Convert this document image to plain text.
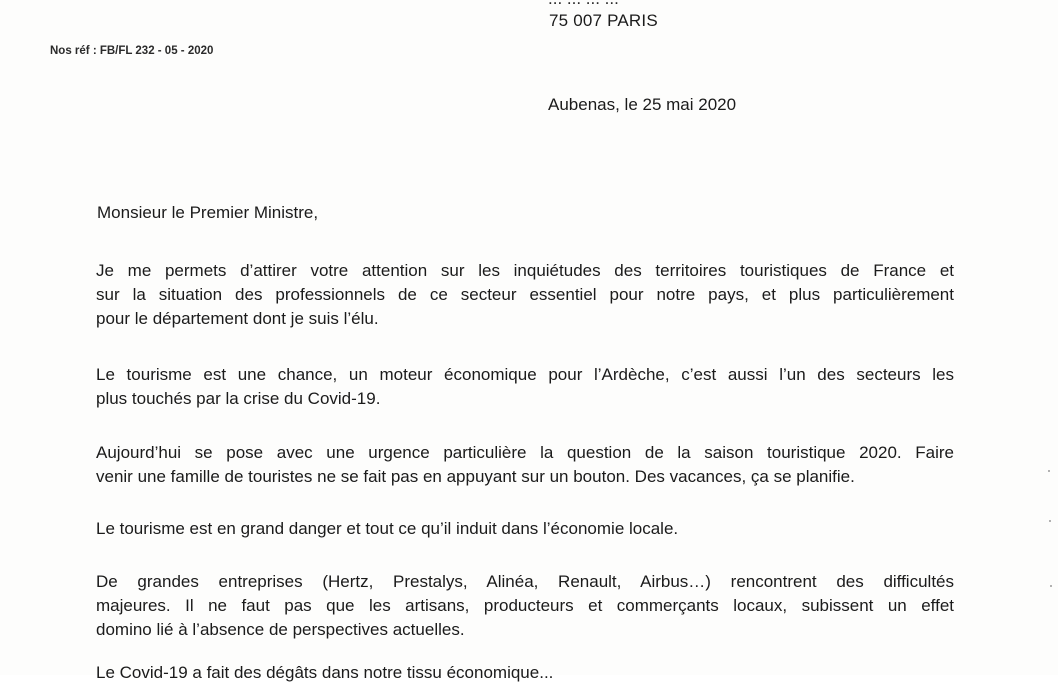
75 007 PARIS
Nos réf : FB/FL 232 - 05 - 2020
Aubenas, le 25 mai 2020
Monsieur le Premier Ministre,
Je me permets d’attirer votre attention sur les inquiétudes des territoires touristiques de France et
sur la situation des professionnels de ce secteur essentiel pour notre pays, et plus particulièrement
pour le département dont je suis l’élu.
Le tourisme est une chance, un moteur économique pour l’Ardèche, c’est aussi l’un des secteurs les
plus touchés par la crise du Covid-19.
Aujourd’hui se pose avec une urgence particulière la question de la saison touristique 2020. Faire
venir une famille de touristes ne se fait pas en appuyant sur un bouton. Des vacances, ça se planifie.
Le tourisme est en grand danger et tout ce qu’il induit dans l’économie locale.
De grandes entreprises (Hertz, Prestalys, Alinéa, Renault, Airbus…) rencontrent des difficultés
majeures. Il ne faut pas que les artisans, producteurs et commerçants locaux, subissent un effet
domino lié à l’absence de perspectives actuelles.
Le Covid-19 a fait des dégâts dans notre tissu économique...
